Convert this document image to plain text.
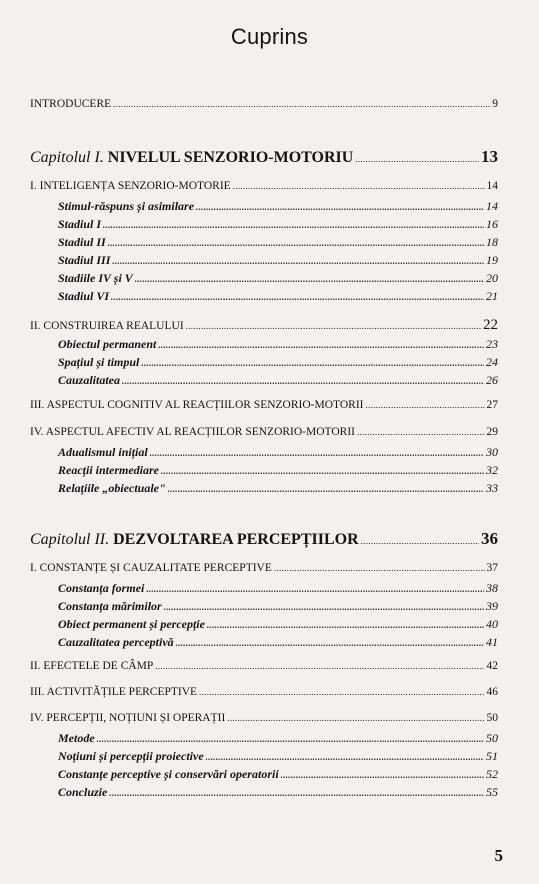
Cuprins
INTRODUCERE .....	9
Capitolul I. NIVELUL SENZORIO-MOTORIU .....	13
I. INTELIGENȚA SENZORIO-MOTORIE .....	14
Stimul-răspuns și asimilare .....	14
Stadiul I .....	16
Stadiul II .....	18
Stadiul III .....	19
Stadiile IV și V .....	20
Stadiul VI .....	21
II. CONSTRUIREA REALULUI .....	22
Obiectul permanent .....	23
Spațiul și timpul .....	24
Cauzalitatea .....	26
III. ASPECTUL COGNITIV AL REACȚIILOR SENZORIO-MOTORII .....	27
IV. ASPECTUL AFECTIV AL REACȚIILOR SENZORIO-MOTORII .....	29
Adualismul inițial .....	30
Reacții intermediare .....	32
Relațiile „obiectuale" .....	33
Capitolul II. DEZVOLTAREA PERCEPȚIILOR .....	36
I. CONSTANȚE ȘI CAUZALITATE PERCEPTIVE .....	37
Constanța formei .....	38
Constanța mărimilor .....	39
Obiect permanent și percepție .....	40
Cauzalitatea perceptivă .....	41
II. EFECTELE DE CÂMP .....	42
III. ACTIVITĂȚILE PERCEPTIVE .....	46
IV. PERCEPȚII, NOȚIUNI ȘI OPERAȚII .....	50
Metode .....	50
Noțiuni și percepții proiective .....	51
Constanțe perceptive și conservări operatorii .....	52
Concluzie .....	55
5
